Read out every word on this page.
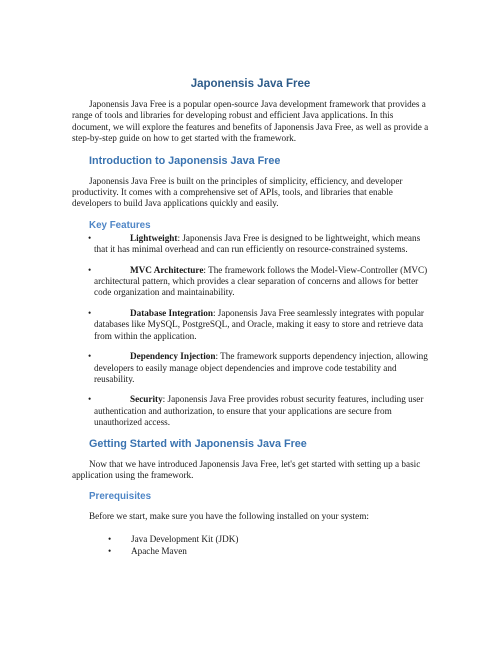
Japonensis Java Free

Japonensis Java Free is a popular open-source Java development framework that provides a range of tools and libraries for developing robust and efficient Java applications. In this document, we will explore the features and benefits of Japonensis Java Free, as well as provide a step-by-step guide on how to get started with the framework.

Introduction to Japonensis Java Free

Japonensis Java Free is built on the principles of simplicity, efficiency, and developer productivity. It comes with a comprehensive set of APIs, tools, and libraries that enable developers to build Java applications quickly and easily.

Key Features
•	Lightweight: Japonensis Java Free is designed to be lightweight, which means that it has minimal overhead and can run efficiently on resource-constrained systems.
•	MVC Architecture: The framework follows the Model-View-Controller (MVC) architectural pattern, which provides a clear separation of concerns and allows for better code organization and maintainability.
•	Database Integration: Japonensis Java Free seamlessly integrates with popular databases like MySQL, PostgreSQL, and Oracle, making it easy to store and retrieve data from within the application.
•	Dependency Injection: The framework supports dependency injection, allowing developers to easily manage object dependencies and improve code testability and reusability.
•	Security: Japonensis Java Free provides robust security features, including user authentication and authorization, to ensure that your applications are secure from unauthorized access.
Getting Started with Japonensis Java Free

Now that we have introduced Japonensis Java Free, let's get started with setting up a basic application using the framework.

Prerequisites

Before we start, make sure you have the following installed on your system:

• Java Development Kit (JDK)
• Apache Maven
